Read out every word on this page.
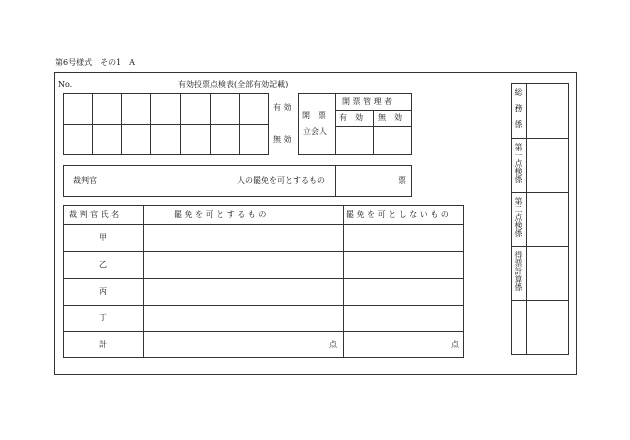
第6号様式　その1　A
No.	有効投票点検表(全部有効記載)
有 効
無 効
開　票
立会人
開 票 管 理 者
有　効 無　効
裁判官	人の罷免を可とするもの	票
裁 判 官 氏 名	罷 免 を 可 と す る も の	罷 免 を 可 と し な い も の
甲
乙
丙
丁
計	点	点
総務係
第一点検係
第二点検係
得票計算係
